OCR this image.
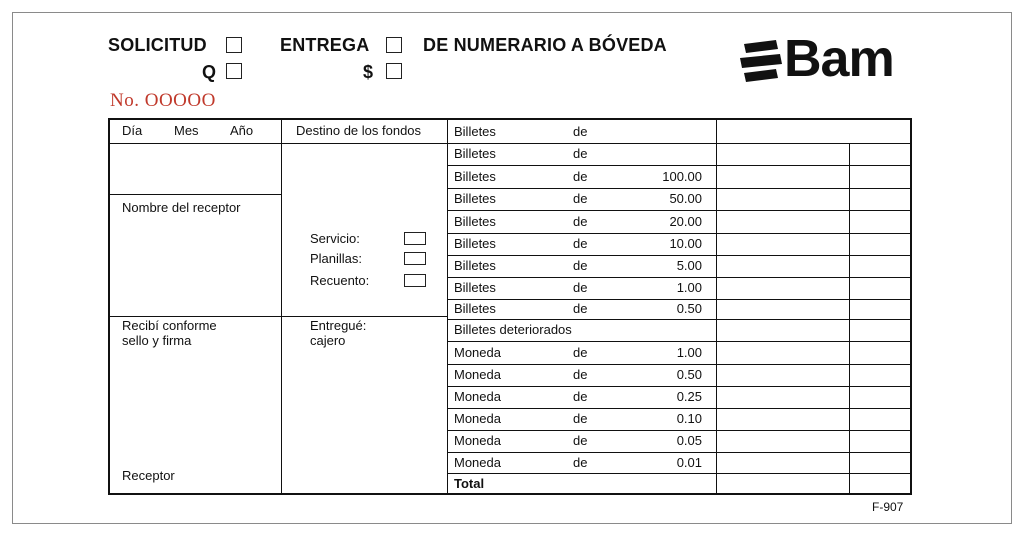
SOLICITUD
Q
ENTREGA
$
DE NUMERARIO A BÓVEDA
No. OOOOO
Bam
Día Mes Año
Nombre del receptor
Recibí conforme
sello y firma
Receptor
Destino de los fondos
Servicio:
Planillas:
Recuento:
Entregué:
cajero
Billetes	de
Billetes	de
Billetes	de	100.00
Billetes	de	50.00
Billetes	de	20.00
Billetes	de	10.00
Billetes	de	5.00
Billetes	de	1.00
Billetes	de	0.50
Billetes deteriorados
Moneda	de	1.00
Moneda	de	0.50
Moneda	de	0.25
Moneda	de	0.10
Moneda	de	0.05
Moneda	de	0.01
Total
F-907
